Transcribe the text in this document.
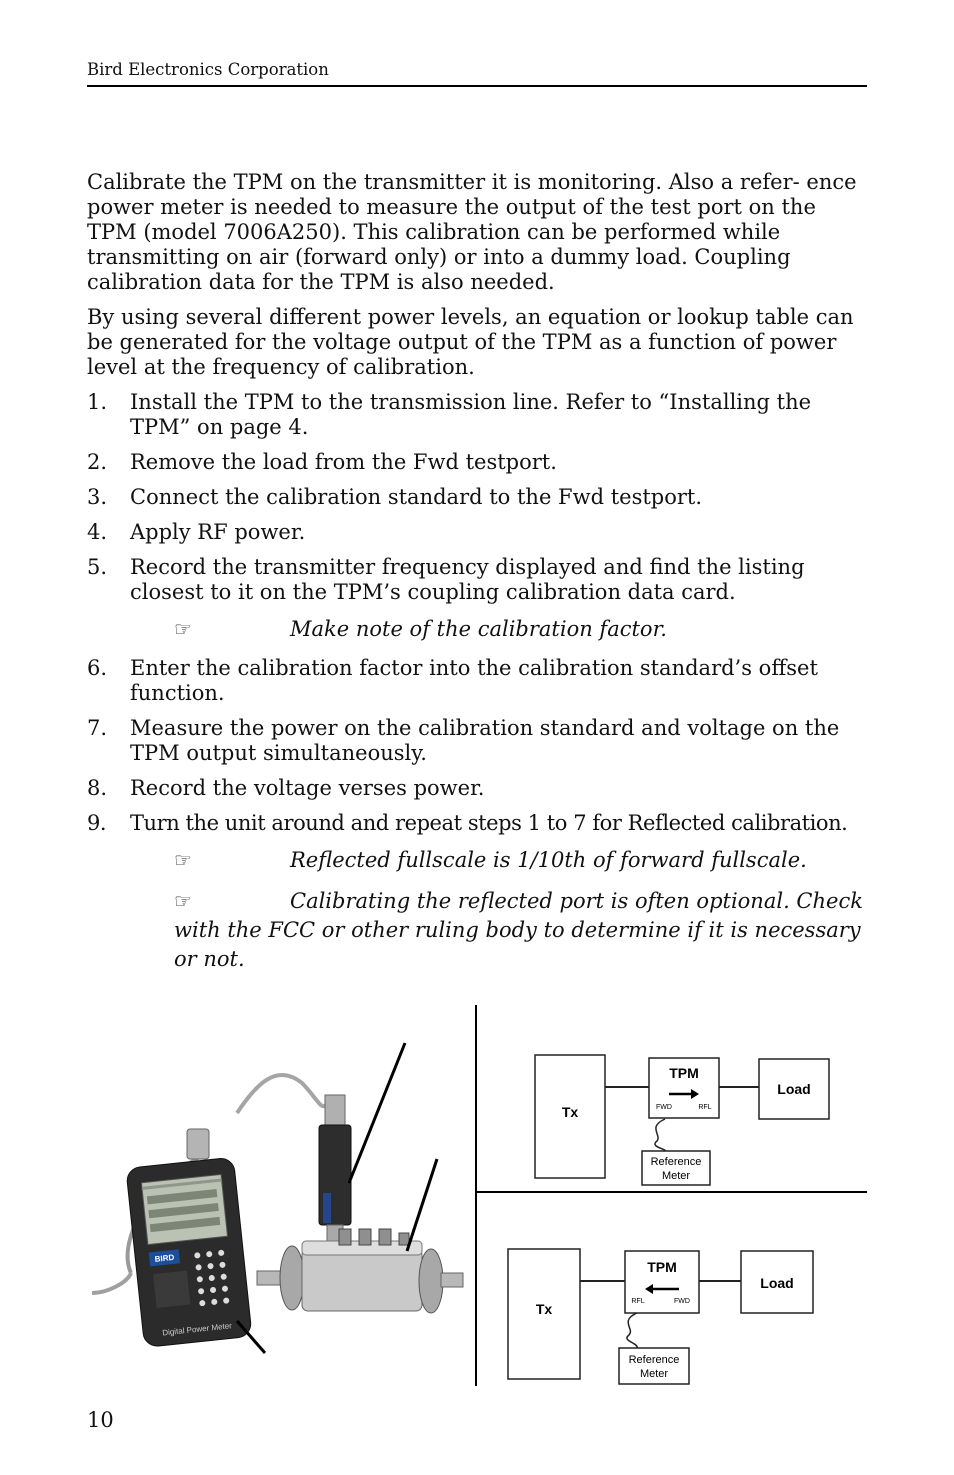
Bird Electronics Corporation

Calibrate the TPM on the transmitter it is monitoring. Also a refer- ence power meter is needed to measure the output of the test port on the TPM (model 7006A250). This calibration can be performed while transmitting on air (forward only) or into a dummy load. Coupling calibration data for the TPM is also needed.

By using several different power levels, an equation or lookup table can be generated for the voltage output of the TPM as a function of power level at the frequency of calibration.

1. Install the TPM to the transmission line. Refer to “Installing the TPM” on page 4.
2. Remove the load from the Fwd testport.
3. Connect the calibration standard to the Fwd testport.
4. Apply RF power.
5. Record the transmitter frequency displayed and find the listing closest to it on the TPM’s coupling calibration data card.
☞	Make note of the calibration factor.
6. Enter the calibration factor into the calibration standard’s offset function.
7. Measure the power on the calibration standard and voltage on the TPM output simultaneously.
8. Record the voltage verses power.
9. Turn the unit around and repeat steps 1 to 7 for Reflected calibration.
☞	Reflected fullscale is 1/10th of forward fullscale.
☞	Calibrating the reflected port is often optional. Check with the FCC or other ruling body to determine if it is necessary or not.
BIRD
Digital Power Meter
Tx
TPM
FWD	RFL
Load
Reference
Meter
Tx
TPM
RFL	FWD
Load
Reference
Meter
10
